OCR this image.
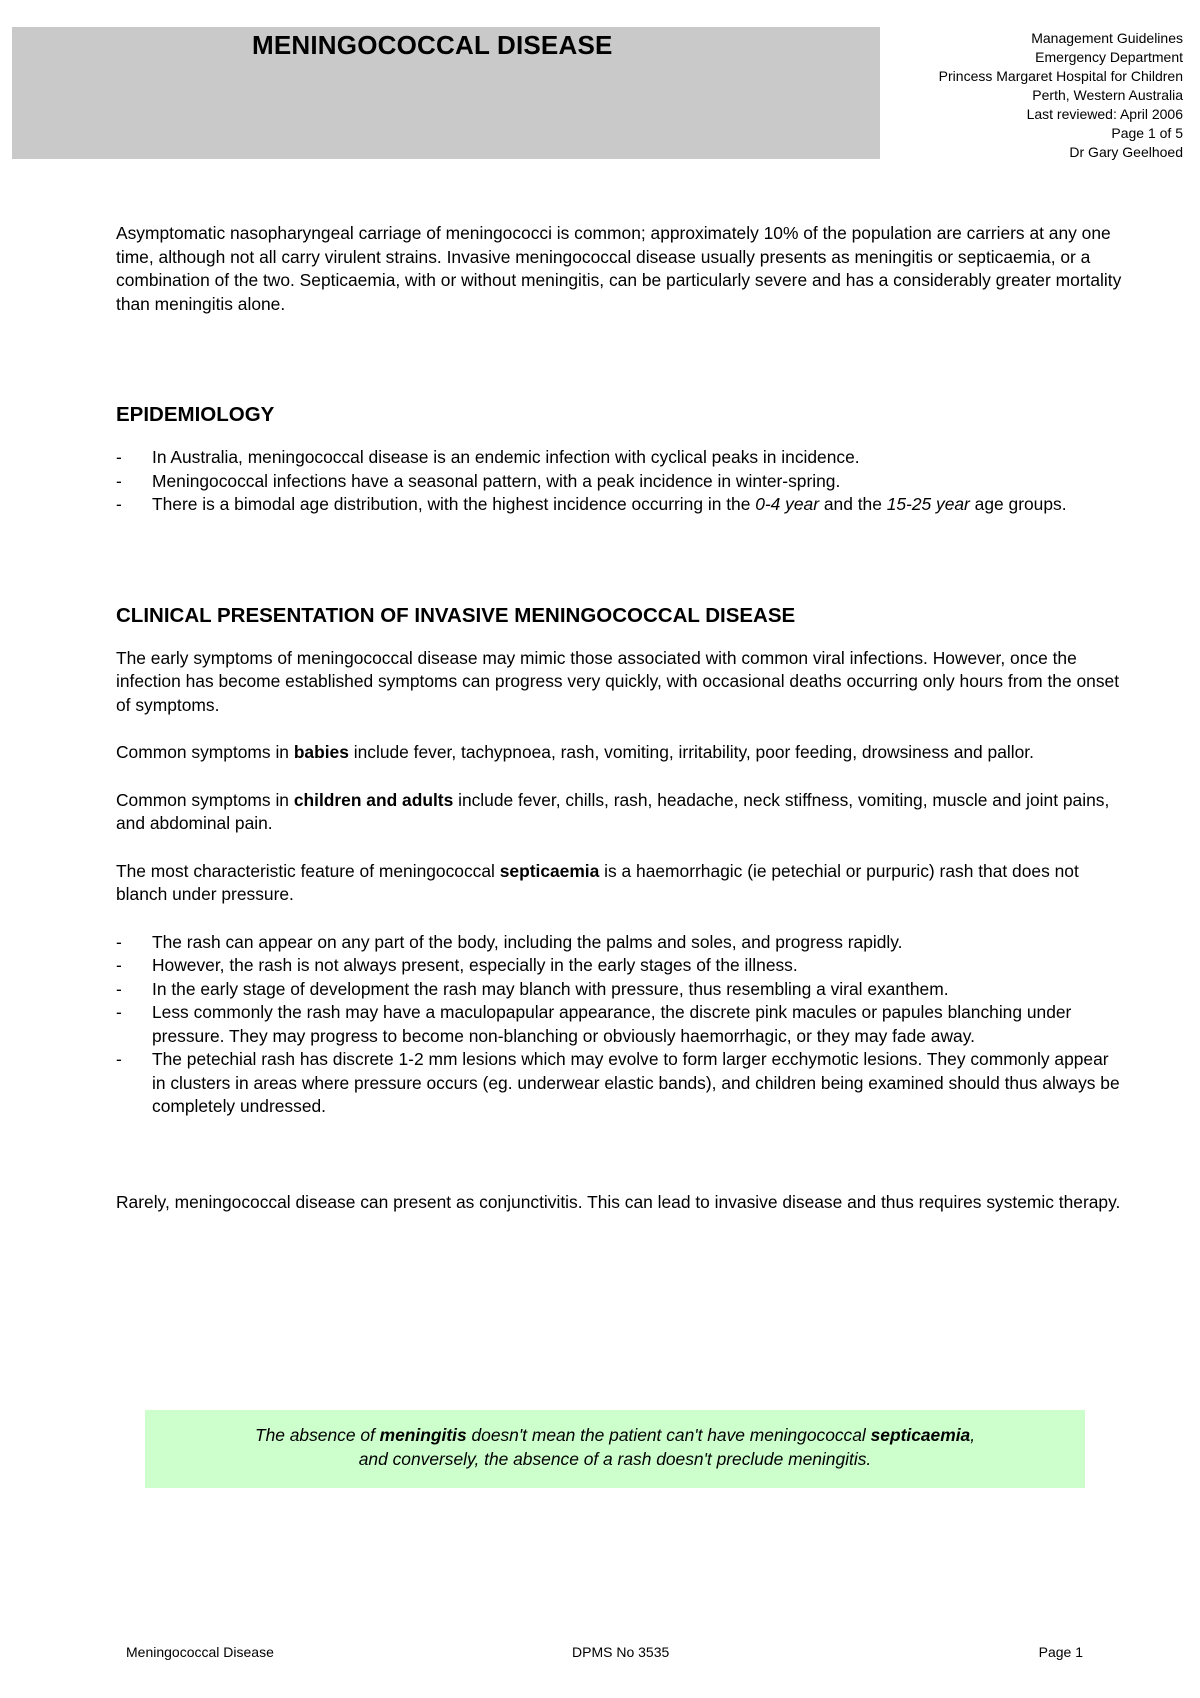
MENINGOCOCCAL DISEASE	Management Guidelines
Emergency Department
Princess Margaret Hospital for Children
Perth, Western Australia
Last reviewed: April 2006
Page 1 of 5
Dr Gary Geelhoed

Asymptomatic nasopharyngeal carriage of meningococci is common; approximately 10% of the population are carriers at any one time, although not all carry virulent strains. Invasive meningococcal disease usually presents as meningitis or septicaemia, or a combination of the two. Septicaemia, with or without meningitis, can be particularly severe and has a considerably greater mortality than meningitis alone.

EPIDEMIOLOGY
- In Australia, meningococcal disease is an endemic infection with cyclical peaks in incidence.
- Meningococcal infections have a seasonal pattern, with a peak incidence in winter-spring.
- There is a bimodal age distribution, with the highest incidence occurring in the 0-4 year and the 15-25 year age groups.
CLINICAL PRESENTATION OF INVASIVE MENINGOCOCCAL DISEASE

The early symptoms of meningococcal disease may mimic those associated with common viral infections. However, once the infection has become established symptoms can progress very quickly, with occasional deaths occurring only hours from the onset of symptoms.

Common symptoms in babies include fever, tachypnoea, rash, vomiting, irritability, poor feeding, drowsiness and pallor.

Common symptoms in children and adults include fever, chills, rash, headache, neck stiffness, vomiting, muscle and joint pains, and abdominal pain.

The most characteristic feature of meningococcal septicaemia is a haemorrhagic (ie petechial or purpuric) rash that does not blanch under pressure.

- The rash can appear on any part of the body, including the palms and soles, and progress rapidly.
- However, the rash is not always present, especially in the early stages of the illness.
- In the early stage of development the rash may blanch with pressure, thus resembling a viral exanthem.
- Less commonly the rash may have a maculopapular appearance, the discrete pink macules or papules blanching under pressure. They may progress to become non-blanching or obviously haemorrhagic, or they may fade away.
- The petechial rash has discrete 1-2 mm lesions which may evolve to form larger ecchymotic lesions. They commonly appear in clusters in areas where pressure occurs (eg. underwear elastic bands), and children being examined should thus always be completely undressed.

Rarely, meningococcal disease can present as conjunctivitis. This can lead to invasive disease and thus requires systemic therapy.

The absence of meningitis doesn't mean the patient can't have meningococcal septicaemia,

and conversely, the absence of a rash doesn't preclude meningitis.

Meningococcal Disease	DPMS No 3535	Page 1
